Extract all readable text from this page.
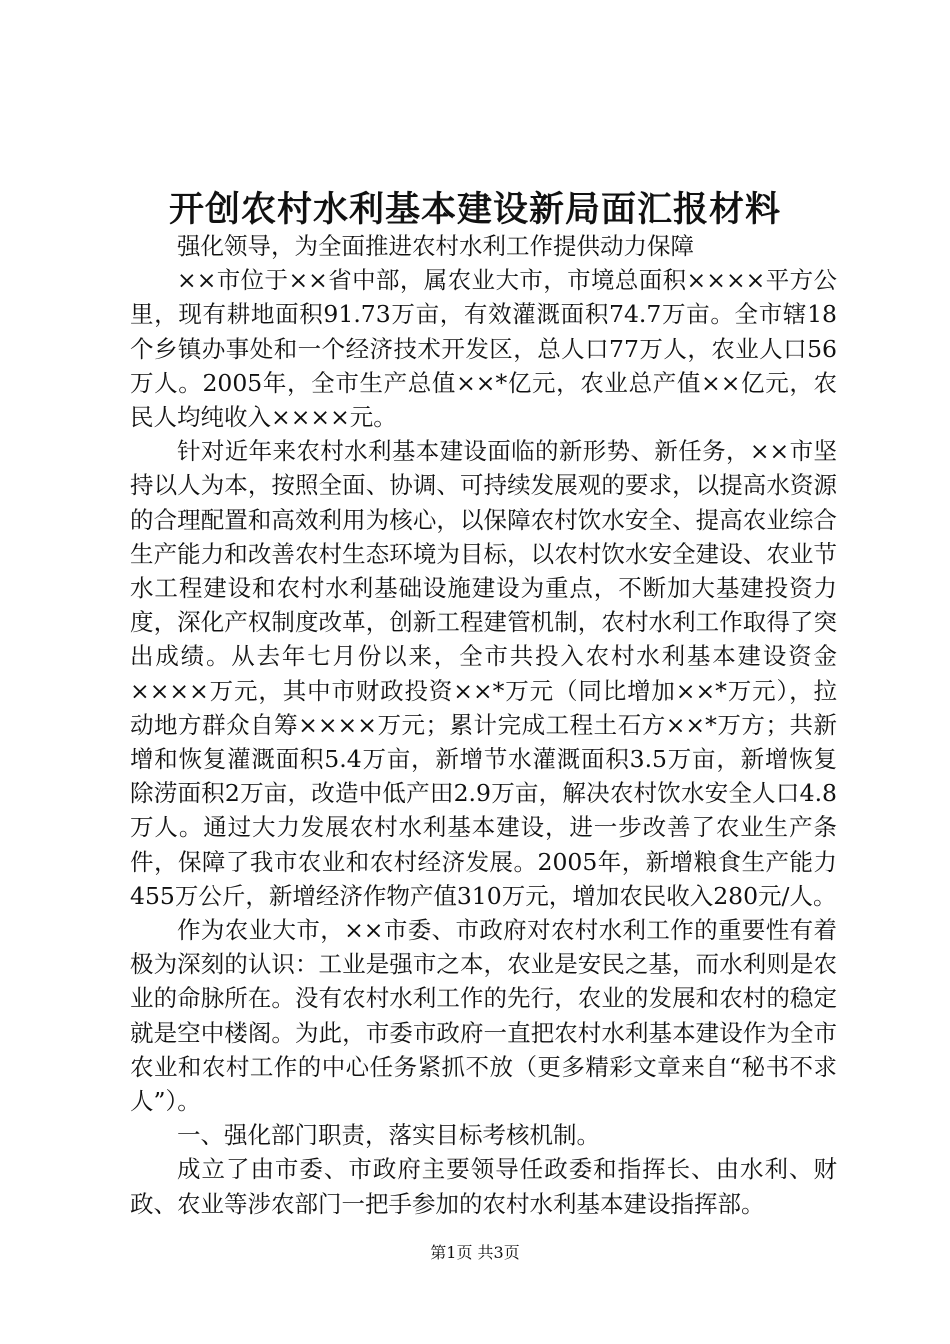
开创农村水利基本建设新局面汇报材料

强化领导，为全面推进农村水利工作提供动力保障

××市位于××省中部，属农业大市，市境总面积××××平方公里，现有耕地面积91.73万亩，有效灌溉面积74.7万亩。全市辖18个乡镇办事处和一个经济技术开发区，总人口77万人，农业人口56万人。2005年，全市生产总值××*亿元，农业总产值××亿元，农民人均纯收入××××元。

针对近年来农村水利基本建设面临的新形势、新任务，××市坚持以人为本，按照全面、协调、可持续发展观的要求，以提高水资源的合理配置和高效利用为核心，以保障农村饮水安全、提高农业综合生产能力和改善农村生态环境为目标，以农村饮水安全建设、农业节水工程建设和农村水利基础设施建设为重点，不断加大基建投资力度，深化产权制度改革，创新工程建管机制，农村水利工作取得了突出成绩。从去年七月份以来，全市共投入农村水利基本建设资金××××万元，其中市财政投资××*万元（同比增加××*万元），拉动地方群众自筹××××万元；累计完成工程土石方××*万方；共新增和恢复灌溉面积5.4万亩，新增节水灌溉面积3.5万亩，新增恢复除涝面积2万亩，改造中低产田2.9万亩，解决农村饮水安全人口4.8万人。通过大力发展农村水利基本建设，进一步改善了农业生产条件，保障了我市农业和农村经济发展。2005年，新增粮食生产能力455万公斤，新增经济作物产值310万元，增加农民收入280元/人。

作为农业大市，××市委、市政府对农村水利工作的重要性有着极为深刻的认识：工业是强市之本，农业是安民之基，而水利则是农业的命脉所在。没有农村水利工作的先行，农业的发展和农村的稳定就是空中楼阁。为此，市委市政府一直把农村水利基本建设作为全市农业和农村工作的中心任务紧抓不放（更多精彩文章来自“秘书不求人”）。

一、强化部门职责，落实目标考核机制。

成立了由市委、市政府主要领导任政委和指挥长、由水利、财政、农业等涉农部门一把手参加的农村水利基本建设指挥部。

第1页 共3页
